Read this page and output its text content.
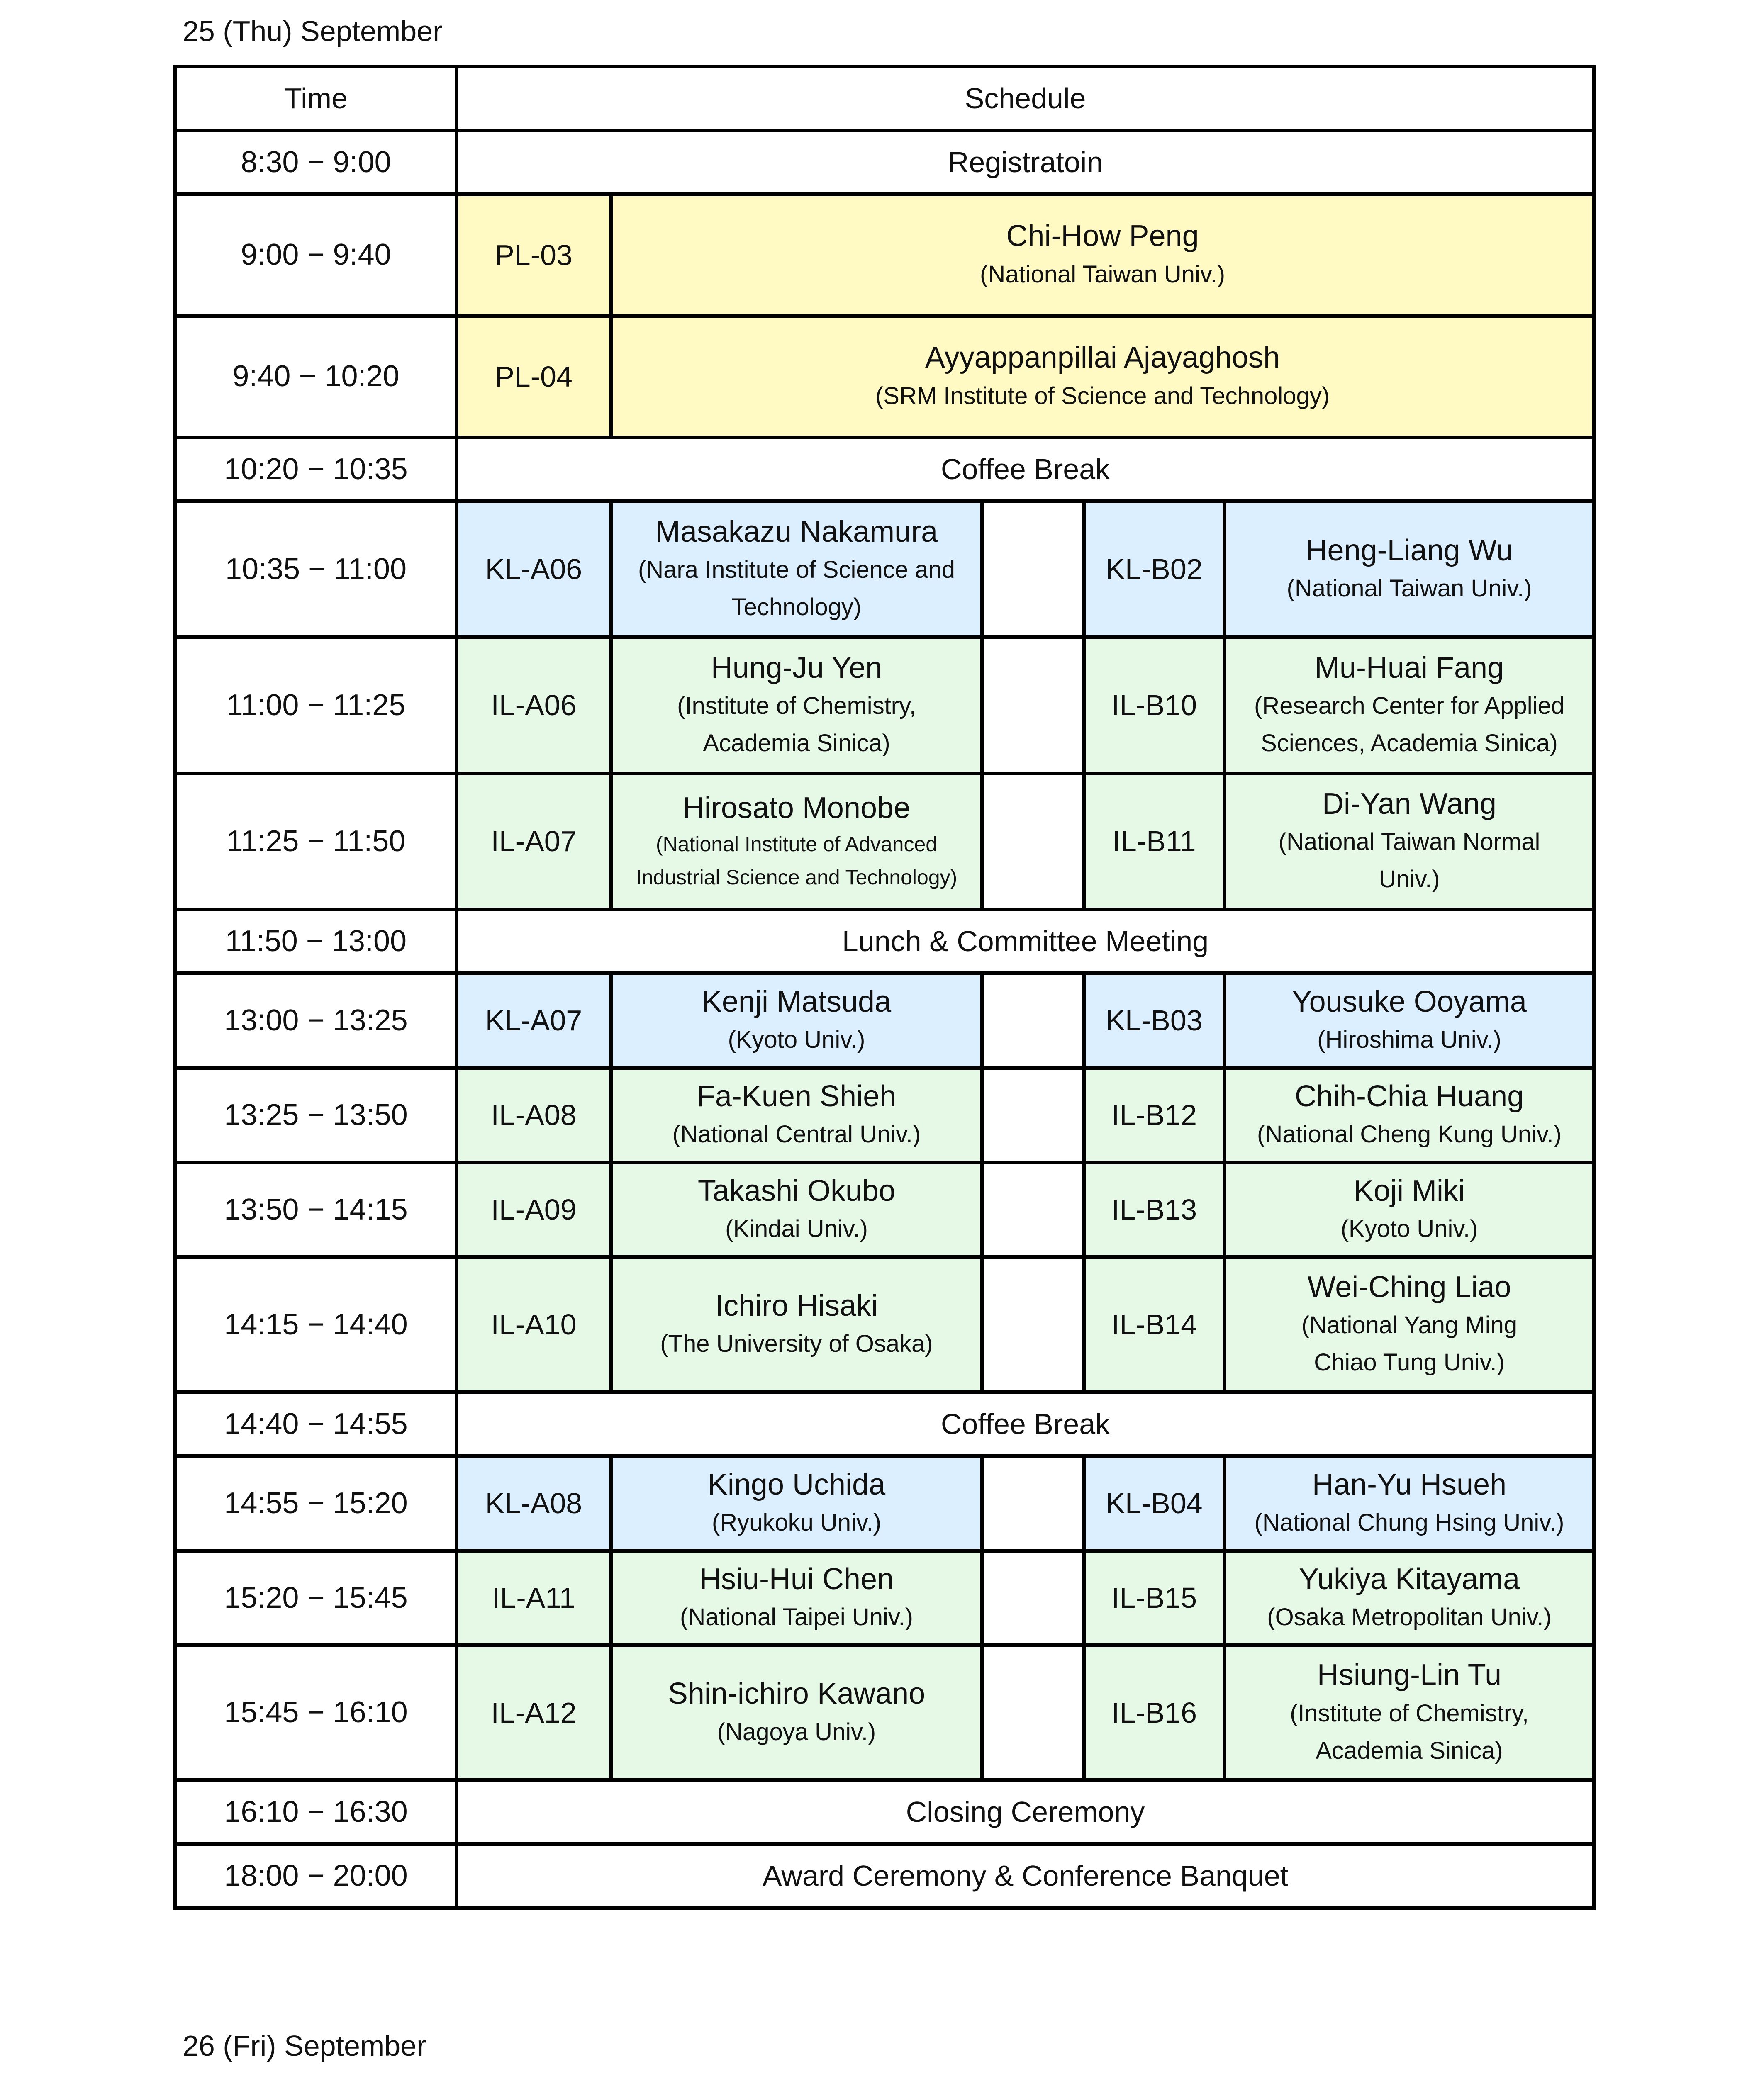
25 (Thu) September
Time	Schedule				
8:30 − 9:00	Registratoin				
9:00 − 9:40	PL-03	Chi-How Peng
(National Taiwan Univ.)			

9:40 − 10:20	PL-04	Ayyappanpillai Ajayaghosh
(SRM Institute of Science and Technology)			

10:20 − 10:35	Coffee Break				
10:35 − 11:00	KL-A06	Masakazu Nakamura
(Nara Institute of Science and
Technology)		KL-B02	Heng-Liang Wu
(National Taiwan Univ.)

11:00 − 11:25	IL-A06	Hung-Ju Yen
(Institute of Chemistry,
Academia Sinica)		IL-B10	Mu-Huai Fang
(Research Center for Applied
Sciences, Academia Sinica)

11:25 − 11:50	IL-A07	Hirosato Monobe
(National Institute of Advanced
Industrial Science and Technology)		IL-B11	Di-Yan Wang
(National Taiwan Normal
Univ.)

11:50 − 13:00	Lunch & Committee Meeting				
13:00 − 13:25	KL-A07	Kenji Matsuda
(Kyoto Univ.)		KL-B03	Yousuke Ooyama
(Hiroshima Univ.)

13:25 − 13:50	IL-A08	Fa-Kuen Shieh
(National Central Univ.)		IL-B12	Chih-Chia Huang
(National Cheng Kung Univ.)

13:50 − 14:15	IL-A09	Takashi Okubo
(Kindai Univ.)		IL-B13	Koji Miki
(Kyoto Univ.)

14:15 − 14:40	IL-A10	Ichiro Hisaki
(The University of Osaka)		IL-B14	Wei-Ching Liao
(National Yang Ming
Chiao Tung Univ.)

14:40 − 14:55	Coffee Break				
14:55 − 15:20	KL-A08	Kingo Uchida
(Ryukoku Univ.)		KL-B04	Han-Yu Hsueh
(National Chung Hsing Univ.)

15:20 − 15:45	IL-A11	Hsiu-Hui Chen
(National Taipei Univ.)		IL-B15	Yukiya Kitayama
(Osaka Metropolitan Univ.)

15:45 − 16:10	IL-A12	Shin-ichiro Kawano
(Nagoya Univ.)		IL-B16	Hsiung-Lin Tu
(Institute of Chemistry,
Academia Sinica)

16:10 − 16:30	Closing Ceremony				
18:00 − 20:00	Award Ceremony & Conference Banquet				
26 (Fri) September
